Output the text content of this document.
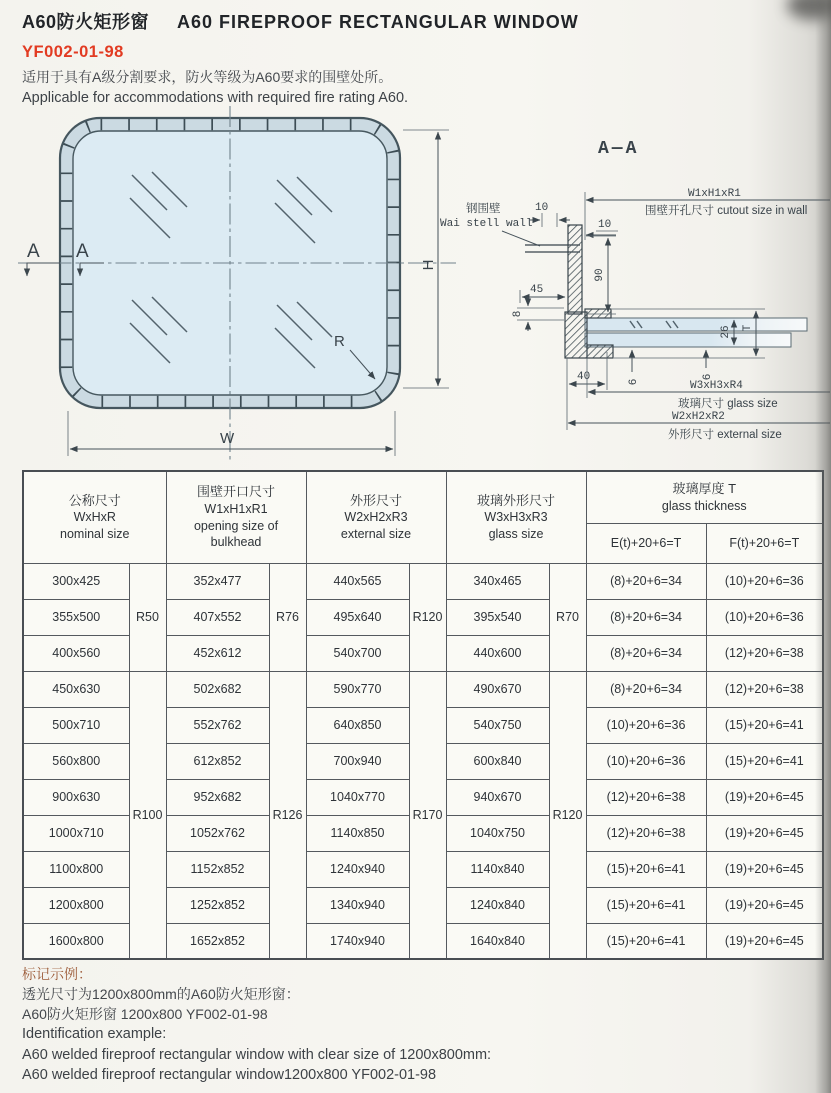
A60防火矩形窗 A60 FIREPROOF RECTANGULAR WINDOW
YF002-01-98
适用于具有A级分割要求，防火等级为A60要求的围壁处所。
Applicable for accommodations with required fire rating A60.
A A
H
W
R
A—A
钢围壁
Wai stell wall
10
10
90
45
8
40	6
6
26 T
W1xH1xR1
围壁开孔尺寸 cutout size in wall
W3xH3xR4
玻璃尺寸 glass size
W2xH2xR2
外形尺寸 external size
公称尺寸
WxHxR
nominal size

围壁开口尺寸
W1xH1xR1
opening size of bulkhead

外形尺寸
W2xH2xR3
external size

玻璃外形尺寸
W3xH3xR3
glass size

玻璃厚度 T
glass thickness

								E(t)+20+6=T	F(t)+20+6=T
300x425	R50	352x477	R76	440x565	R120	340x465	R70	(8)+20+6=34	(10)+20+6=36
355x500		407x552		495x640		395x540		(8)+20+6=34	(10)+20+6=36
400x560		452x612		540x700		440x600		(8)+20+6=34	(12)+20+6=38
450x630	R100	502x682	R126	590x770	R170	490x670	R120	(8)+20+6=34	(12)+20+6=38
500x710		552x762		640x850		540x750		(10)+20+6=36	(15)+20+6=41
560x800		612x852		700x940		600x840		(10)+20+6=36	(15)+20+6=41
900x630		952x682		1040x770		940x670		(12)+20+6=38	(19)+20+6=45
1000x710		1052x762		1140x850		1040x750		(12)+20+6=38	(19)+20+6=45
1100x800		1152x852		1240x940		1140x840		(15)+20+6=41	(19)+20+6=45
1200x800		1252x852		1340x940		1240x840		(15)+20+6=41	(19)+20+6=45
1600x800		1652x852		1740x940		1640x840		(15)+20+6=41	(19)+20+6=45
标记示例：
透光尺寸为1200x800mm的A60防火矩形窗：
A60防火矩形窗 1200x800 YF002-01-98
Identification example:
A60 welded fireproof rectangular window with clear size of 1200x800mm:
A60 welded fireproof rectangular window1200x800 YF002-01-98
